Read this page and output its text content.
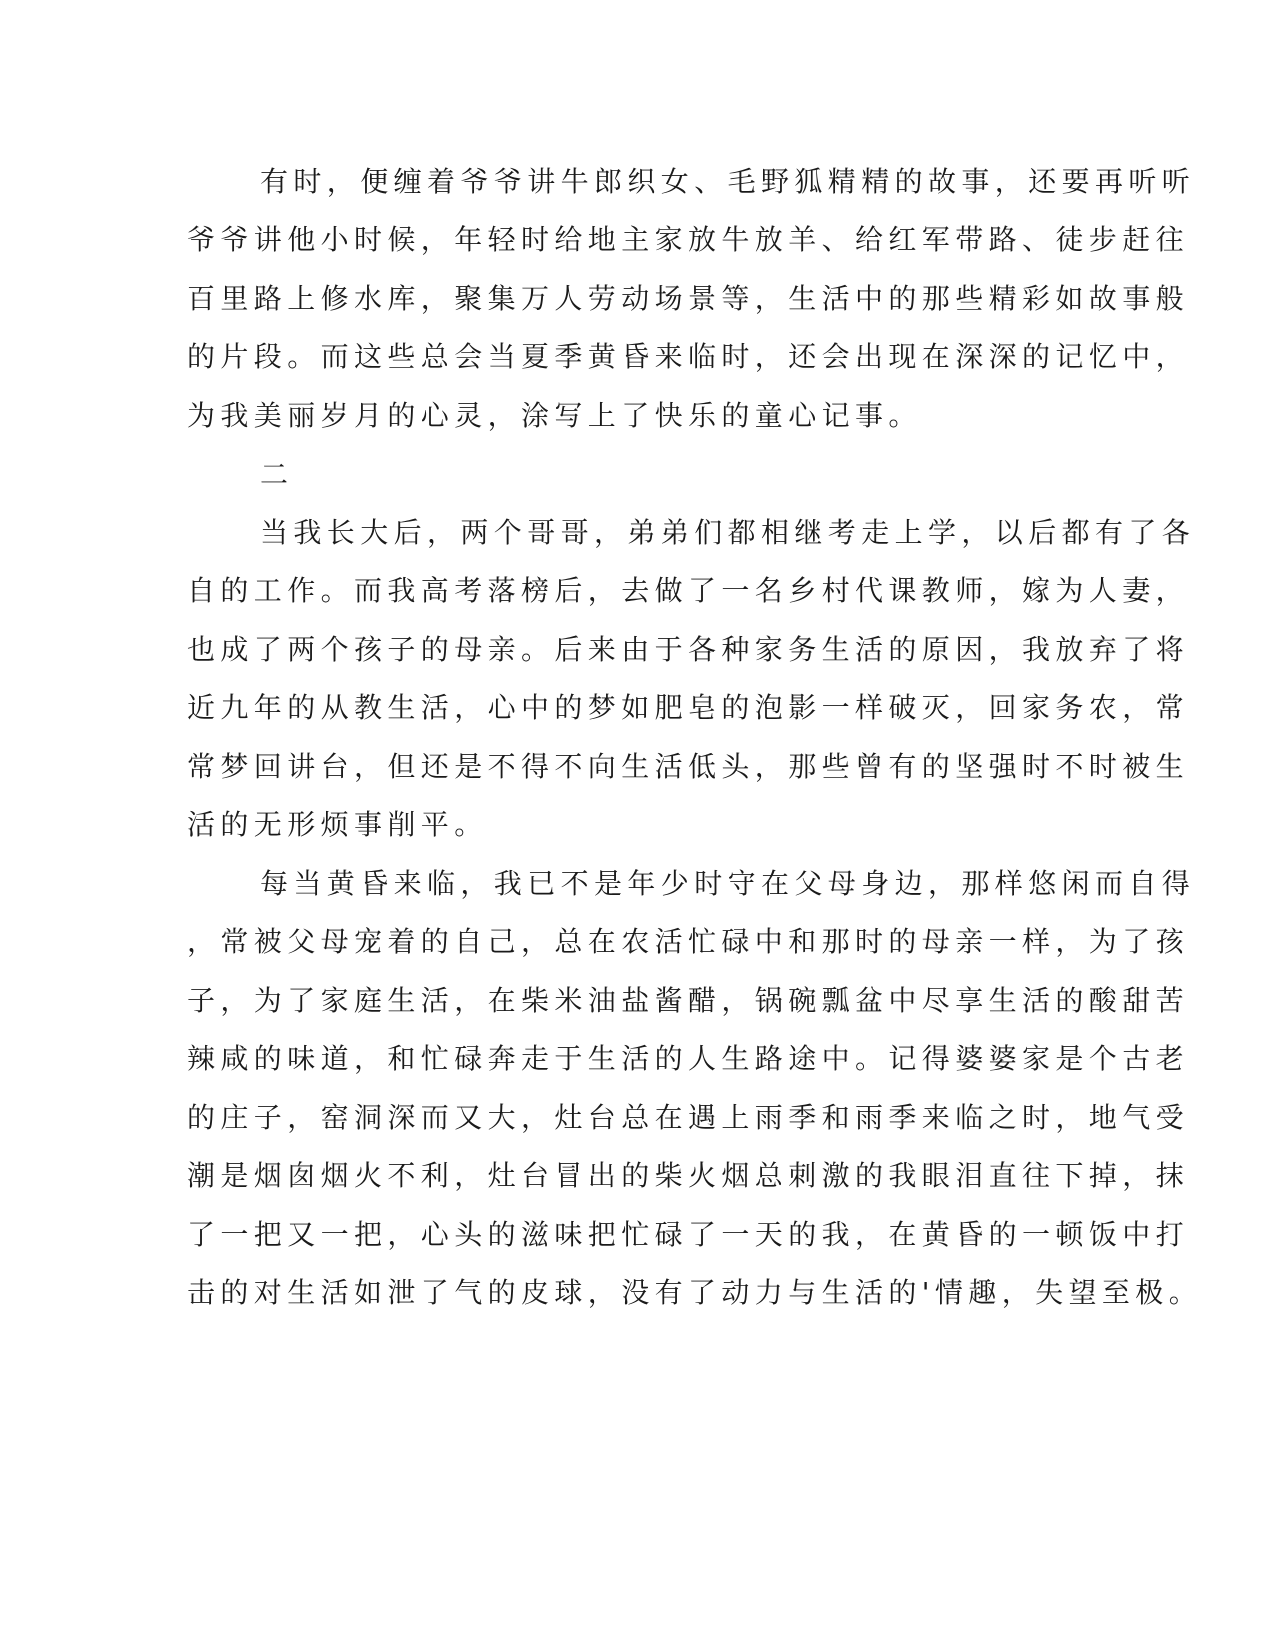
有时，便缠着爷爷讲牛郎织女、毛野狐精精的故事，还要再听听
爷爷讲他小时候，年轻时给地主家放牛放羊、给红军带路、徒步赶往
百里路上修水库，聚集万人劳动场景等，生活中的那些精彩如故事般
的片段。而这些总会当夏季黄昏来临时，还会出现在深深的记忆中，
为我美丽岁月的心灵，涂写上了快乐的童心记事。
二
当我长大后，两个哥哥，弟弟们都相继考走上学，以后都有了各
自的工作。而我高考落榜后，去做了一名乡村代课教师，嫁为人妻，
也成了两个孩子的母亲。后来由于各种家务生活的原因，我放弃了将
近九年的从教生活，心中的梦如肥皂的泡影一样破灭，回家务农，常
常梦回讲台，但还是不得不向生活低头，那些曾有的坚强时不时被生
活的无形烦事削平。
每当黄昏来临，我已不是年少时守在父母身边，那样悠闲而自得
，常被父母宠着的自己，总在农活忙碌中和那时的母亲一样，为了孩
子，为了家庭生活，在柴米油盐酱醋，锅碗瓢盆中尽享生活的酸甜苦
辣咸的味道，和忙碌奔走于生活的人生路途中。记得婆婆家是个古老
的庄子，窑洞深而又大，灶台总在遇上雨季和雨季来临之时，地气受
潮是烟囱烟火不利，灶台冒出的柴火烟总刺激的我眼泪直往下掉，抹
了一把又一把，心头的滋味把忙碌了一天的我，在黄昏的一顿饭中打
击的对生活如泄了气的皮球，没有了动力与生活的'情趣，失望至极。
